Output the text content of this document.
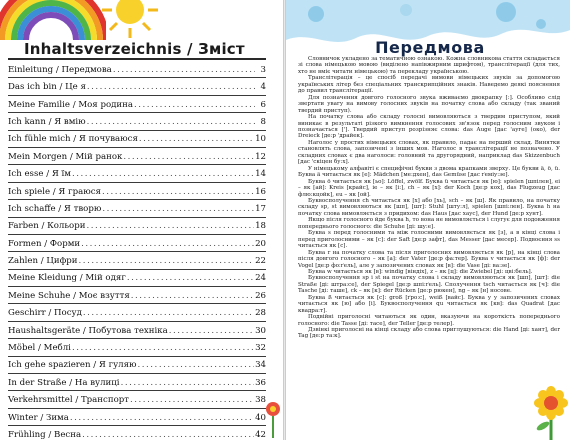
Inhaltsverzeichnis / Зміст
Einleitung / Передмова . . .	3
Das ich bin / Це я . . .	4
Meine Familie / Моя родина . . .	6
Ich kann / Я вмію . . .	8
Ich fühle mich / Я почуваюся . . .	10
Mein Morgen / Мій ранок . . .	12
Ich esse / Я їм . . .	14
Ich spiele / Я граюся . . .	16
Ich schaffe / Я творю . . .	17
Farben / Кольори . . .	18
Formen / Форми . . .	20
Zahlen / Цифри . . .	22
Meine Kleidung / Мій одяг . . .	24
Meine Schuhe / Моє взуття . . .	26
Geschirr / Посуд . . .	28
Haushaltsgeräte / Побутова техніка . . .	30
Möbel / Меблі . . .	32
Ich gehe spazieren / Я гуляю . . .	34
In der Straße / На вулиці . . .	36
Verkehrsmittel / Транспорт . . .	38
Winter / Зима . . .	40
Frühling / Весна . . .	42
Передмова

Словничок укладено за тематичною ознакою. Кожна словникова стаття складається зі слова німецькою мовою (виділено напівжирним шрифтом), транслітерації (для тих, хто не вміє читати німецькою) та перекладу українською.

Транслітерація – це спосіб передачі вимови німецьких звуків за допомогою українських літер без спеціальних транскрипційних знаків. Наведемо деякі пояснення до правил транслітерації.

Для позначення довгого голосного звука вживаємо двокрапку [:]. Особливо слід звертати увагу на вимову голосних звуків на початку слова або складу (так званий твердий приступ).

На початку слова або складу голосні вимовляються з твердим приступом, який виникає в результаті різкого вимкнення голосових зв'язок перед голосним звуком і позначається [']. Твердий приступ розрізняє слова: das Auge [дас 'ауге] (око), der Dreieck [де:р 'драйек].

Наголос у простих німецьких словах, як правило, падає на перший склад. Винятки становлять слова, запозичені з інших мов. Наголос в транслітерації не позначено. У складних словах є два наголоси: головний та другорядний, наприклад das Skizzenbuch [дас 'скіцен бу:х].

У німецькому алфавіті є специфічні букви з двома крапками зверху. Це букви ä, ö, ü. Буква ä читається як [е]: Mädchen [ме:дхен], das Gemüse [дас ґеміу:зе].

Буква ö читається як [ьо]: Löffel, zwölf. Буква ü читається як [ю]: spielen [шпілен], ei – як [ай]: Kreis [крайс], ie – як [і:], ch – як [х]: der Koch [де:р кох], das Flugzeug [дас флю:кцойк], eu – як [ой].

Буквосполучення ch читається як [х] або [хь], sch – як [ш]. Як правило, на початку складу sp, st вимовляються як [шп], [шт]: Stuhl [шту:л], spielen [шпі:лен]. Буква h на початку слова вимовляється з придихом: das Haus [дас хаус], der Hund [де:р хунт].

Якщо після голосного йде буква h, то вона не вимовляється і слугує для подовження попереднього голосного: die Schuhe [ді: шу:е].

Буква s перед голосними та між голосними вимовляється як [з], а в кінці слова і перед приголосними – як [с]: der Saft [де:р зафт], das Messer [дас месер]. Подвоєння ss читається як [с].

Буква r на початку слова та після приголосних вимовляється як [р], на кінці слова після довгого голосного – як [а]: der Vater [де:р фа:тер]. Буква v читається як [ф]: der Vogel [де:р фо:ґель], але у запозичених словах як [в]: die Vase [ді: ва:зе].

Буква w читається як [в]: windig [віндіх], z – як [ц]: die Zwiebel [ді: цві:бель].

Буквосполучення sp і st на початку слова і складу вимовляються як [шп], [шт]: die Straße [ді: штра:се], der Spiegel [де:р шпі:ґель]. Сполучення tsch читається як [ч]: die Tasche [ді: таше], ck – як [к]: der Rücken [де:р рюкен], ng – як [н] носове.

Буква ß читається як [с]: groß [ґро:с], weiß [вайс]. Буква y у запозичених словах читається як [ю] або [і]. Буквосполучення qu читається як [кв]: das Quadrat [дас квадра:т].

Подвійні приголосні читаються як один, вказуючи на короткість попереднього голосного: die Tasse [ді: тасе], der Teller [де:р телер].

Дзвінкі приголосні на кінці складу або слова приглушуються: die Hand [ді: хант], der Tag [де:р та:к].
